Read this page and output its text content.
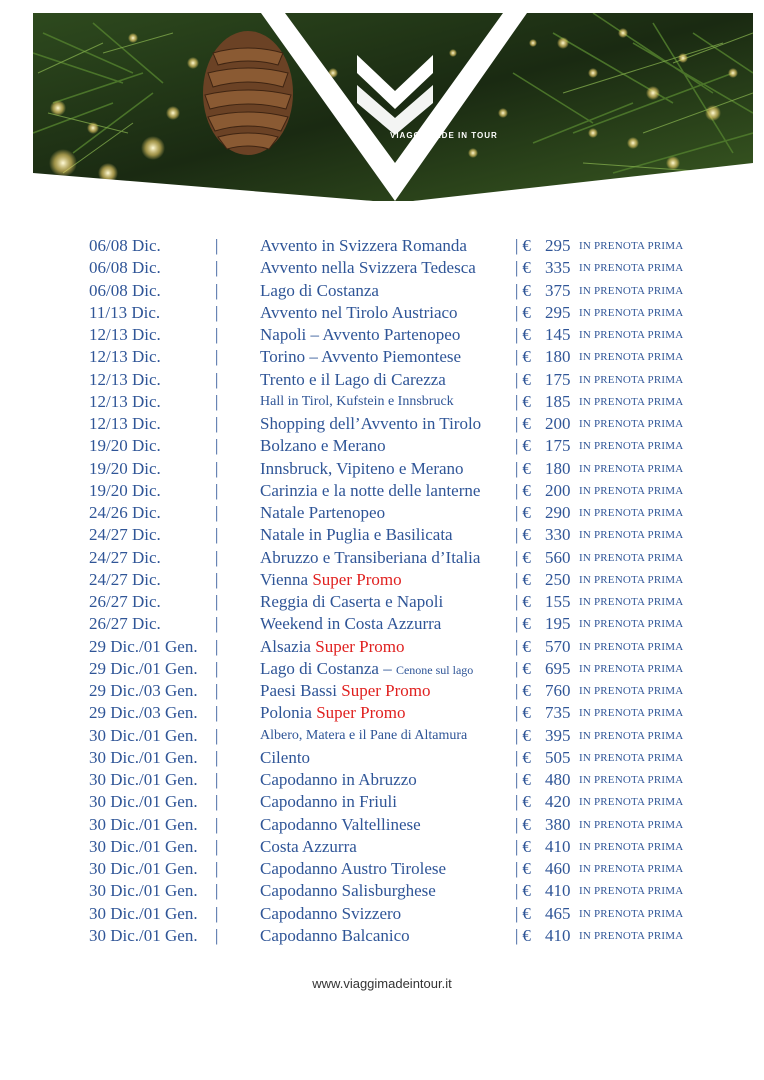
VIAGGI MADE IN TOUR
06/08 Dic.	| Avvento in Svizzera Romanda	| € 295 IN PRENOTA PRIMA
06/08 Dic.	| Avvento nella Svizzera Tedesca | € 335 IN PRENOTA PRIMA
06/08 Dic.	| Lago di Costanza	| € 375 IN PRENOTA PRIMA
11/13 Dic.	| Avvento nel Tirolo Austriaco	| € 295 IN PRENOTA PRIMA
12/13 Dic.	| Napoli – Avvento Partenopeo	| € 145 IN PRENOTA PRIMA
12/13 Dic.	| Torino – Avvento Piemontese	| € 180 IN PRENOTA PRIMA
12/13 Dic.	| Trento e il Lago di Carezza	| € 175 IN PRENOTA PRIMA
12/13 Dic.	|	Hall in Tirol, Kufstein e Innsbruck	| € 185 IN PRENOTA PRIMA
12/13 Dic.	| Shopping dell’Avvento in Tirolo | € 200 IN PRENOTA PRIMA
19/20 Dic.	| Bolzano e Merano	| € 175 IN PRENOTA PRIMA
19/20 Dic.	| Innsbruck, Vipiteno e Merano	| € 180 IN PRENOTA PRIMA
19/20 Dic.	| Carinzia e la notte delle lanterne | € 200 IN PRENOTA PRIMA
24/26 Dic.	| Natale Partenopeo	| € 290 IN PRENOTA PRIMA
24/27 Dic.	| Natale in Puglia e Basilicata	| € 330 IN PRENOTA PRIMA
24/27 Dic.	| Abruzzo e Transiberiana d’Italia | € 560 IN PRENOTA PRIMA
24/27 Dic.	| Vienna Super Promo	| € 250 IN PRENOTA PRIMA
26/27 Dic.	| Reggia di Caserta e Napoli	| € 155 IN PRENOTA PRIMA
26/27 Dic.	| Weekend in Costa Azzurra	| € 195 IN PRENOTA PRIMA
29 Dic./01 Gen. | Alsazia Super Promo	| € 570 IN PRENOTA PRIMA
29 Dic./01 Gen. | Lago di Costanza – Cenone sul lago | € 695 IN PRENOTA PRIMA
29 Dic./03 Gen. | Paesi Bassi Super Promo	| € 760 IN PRENOTA PRIMA
29 Dic./03 Gen. | Polonia Super Promo	| € 735 IN PRENOTA PRIMA
30 Dic./01 Gen. |	Albero, Matera e il Pane di Altamura	| € 395 IN PRENOTA PRIMA
30 Dic./01 Gen. | Cilento	| € 505 IN PRENOTA PRIMA
30 Dic./01 Gen. | Capodanno in Abruzzo	| € 480 IN PRENOTA PRIMA
30 Dic./01 Gen. | Capodanno in Friuli	| € 420 IN PRENOTA PRIMA
30 Dic./01 Gen. | Capodanno Valtellinese	| € 380 IN PRENOTA PRIMA
30 Dic./01 Gen. | Costa Azzurra	| € 410 IN PRENOTA PRIMA
30 Dic./01 Gen. | Capodanno Austro Tirolese	| € 460 IN PRENOTA PRIMA
30 Dic./01 Gen. | Capodanno Salisburghese	| € 410 IN PRENOTA PRIMA
30 Dic./01 Gen. | Capodanno Svizzero	| € 465 IN PRENOTA PRIMA
30 Dic./01 Gen. | Capodanno Balcanico	| € 410 IN PRENOTA PRIMA
www.viaggimadeintour.it
